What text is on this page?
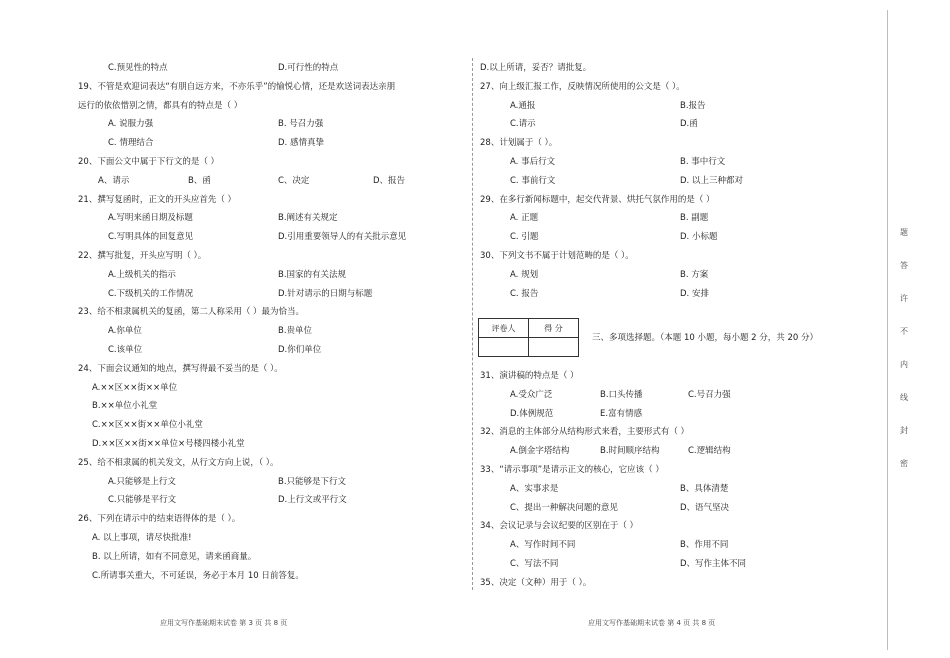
C.预见性的特点	D.可行性的特点
19、不管是欢迎词表达“有朋自远方来，不亦乐乎”的愉悦心情，还是欢送词表达亲朋
远行的依依惜别之情，都具有的特点是（ ）
A. 说服力强	B. 号召力强
C. 情理结合	D. 感情真挚
20、下面公文中属于下行文的是（ ）
A、请示	B、函	C、决定	D、报告
21、撰写复函时，正文的开头应首先（ ）
A.写明来函日期及标题	B.阐述有关规定
C.写明具体的回复意见	D.引用重要领导人的有关批示意见
22、撰写批复，开头应写明（ ）。
A.上级机关的指示	B.国家的有关法规
C.下级机关的工作情况	D.针对请示的日期与标题
23、给不相隶属机关的复函，第二人称采用（ ）最为恰当。
A.你单位	B.贵单位
C.该单位	D.你们单位
24、下面会议通知的地点，撰写得最不妥当的是（ ）。
A.××区××街××单位
B.××单位小礼堂
C.××区××街××单位小礼堂
D.××区××街××单位×号楼四楼小礼堂
25、给不相隶属的机关发文，从行文方向上说，（ ）。
A.只能够是上行文	B.只能够是下行文
C.只能够是平行文	D.上行文或平行文
26、下列在请示中的结束语得体的是（ ）。
A. 以上事项，请尽快批准!
B. 以上所请，如有不同意见，请来函商量。
C.所请事关重大，不可延误，务必于本月 10 日前答复。
D.以上所请，妥否？请批复。
27、向上级汇报工作，反映情况所使用的公文是（ ）。
A.通报	B.报告
C.请示	D.函
28、计划属于（ ）。
A. 事后行文	B. 事中行文
C. 事前行文	D. 以上三种都对
29、在多行新闻标题中，起交代背景、烘托气氛作用的是（ ）
A. 正题	B. 副题
C. 引题	D. 小标题
30、下列文书不属于计划范畴的是（ ）。
A. 规划	B. 方案
C. 报告	D. 安排
评卷人	得 分

三、多项选择题。（本题 10 小题，每小题 2 分，共 20 分）
31、演讲稿的特点是（ ）
A.受众广泛	B.口头传播	C.号召力强
D.体例规范	E.富有情感
32、消息的主体部分从结构形式来看，主要形式有（ ）
A.倒金字塔结构	B.时间顺序结构	C.逻辑结构
33、“请示事项”是请示正文的核心，它应该（ ）
A、实事求是	B、具体清楚
C、提出一种解决问题的意见	D、语气坚决
34、会议记录与会议纪要的区别在于（ ）
A、写作时间不同	B、作用不同
C、写法不同	D、写作主体不同
35、决定（文种）用于（ ）。
题
答
许
不
内
线
封
密
应用文写作基础期末试卷 第 3 页 共 8 页	应用文写作基础期末试卷 第 4 页 共 8 页
